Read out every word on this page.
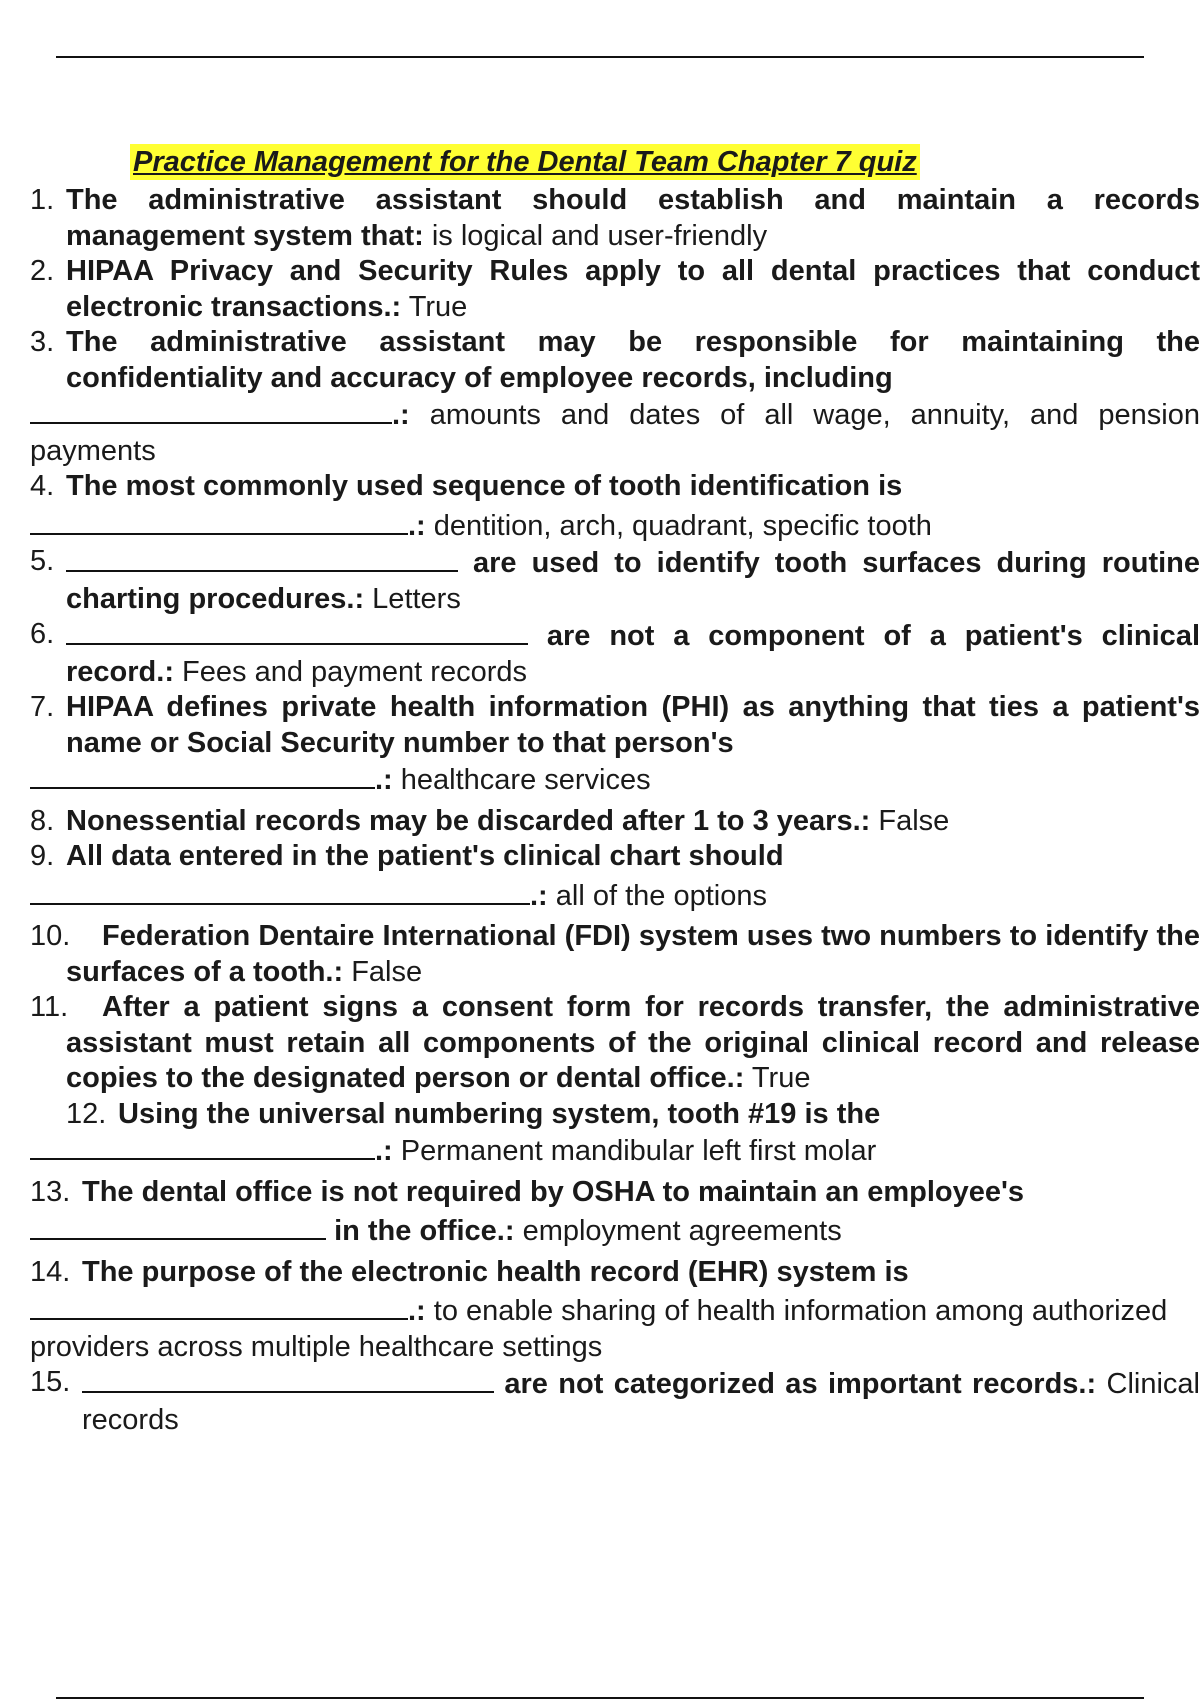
Practice Management for the Dental Team Chapter 7 quiz
1. The administrative assistant should establish and maintain a records management system that: is logical and user-friendly
2. HIPAA Privacy and Security Rules apply to all dental practices that conduct electronic transactions.: True
3. The administrative assistant may be responsible for maintaining the confidentiality and accuracy of employee records, including
.: amounts and dates of all wage, annuity, and pension payments
4. The most commonly used sequence of tooth identification is
.: dentition, arch, quadrant, specific tooth
5.	are used to identify tooth surfaces during routine charting procedures.: Letters
6.	are not a component of a patient's clinical record.: Fees and payment records
7. HIPAA defines private health information (PHI) as anything that ties a patient's name or Social Security number to that person's
.: healthcare services
8. Nonessential records may be discarded after 1 to 3 years.: False
9. All data entered in the patient's clinical chart should
.: all of the options
10. Federation Dentaire International (FDI) system uses two numbers to identify the surfaces of a tooth.: False
11. After a patient signs a consent form for records transfer, the administrative assistant must retain all components of the original clinical record and release copies to the designated person or dental office.: True
12. Using the universal numbering system, tooth #19 is the
.: Permanent mandibular left first molar
13. The dental office is not required by OSHA to maintain an employee's
in the office.: employment agreements
14. The purpose of the electronic health record (EHR) system is
.: to enable sharing of health information among authorized providers across multiple healthcare settings
15.	are not categorized as important records.: Clinical records
